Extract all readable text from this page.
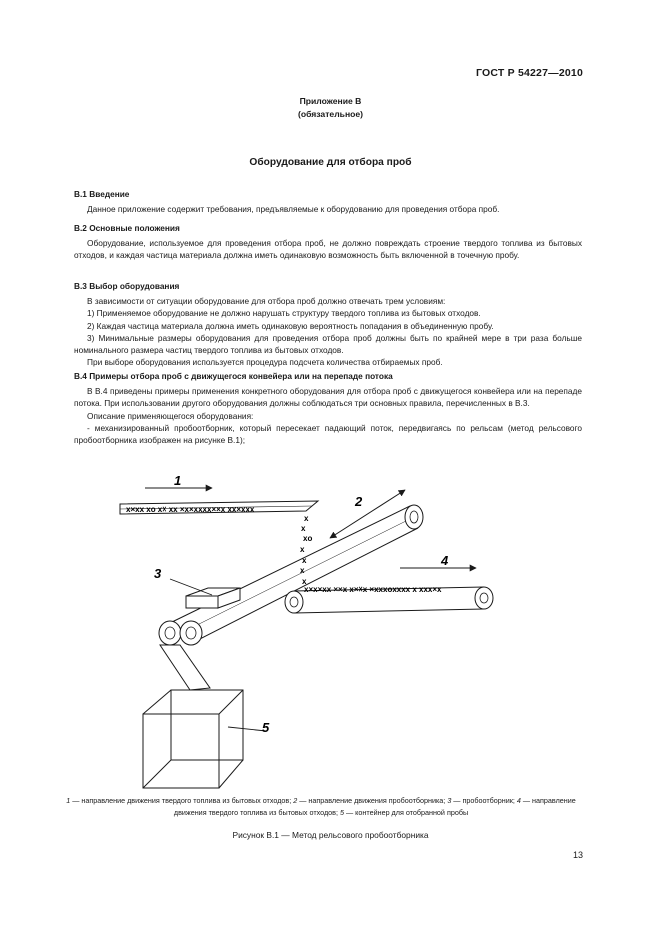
ГОСТ Р 54227—2010
Приложение В
(обязательное)
Оборудование для отбора проб
В.1 Введение

Данное приложение содержит требования, предъявляемые к оборудованию для проведения отбора проб.

В.2 Основные положения

Оборудование, используемое для проведения отбора проб, не должно повреждать строение твердого топлива из бытовых отходов, и каждая частица материала должна иметь одинаковую возможность быть включенной в точечную пробу.

В.3 Выбор оборудования

В зависимости от ситуации оборудование для отбора проб должно отвечать трем условиям:

1) Применяемое оборудование не должно нарушать структуру твердого топлива из бытовых отходов.

2) Каждая частица материала должна иметь одинаковую вероятность попадания в объединенную пробу.

3) Минимальные размеры оборудования для проведения отбора проб должны быть по крайней мере в три раза больше номинального размера частиц твердого топлива из бытовых отходов.

При выборе оборудования используется процедура подсчета количества отбираемых проб.

В.4 Примеры отбора проб с движущегося конвейера или на перепаде потока

В В.4 приведены примеры применения конкретного оборудования для отбора проб с движущегося конвейера или на перепаде потока. При использовании другого оборудования должны соблюдаться три основных правила, перечисленных в В.3.

Описание применяющегося оборудования:

- механизированный пробоотборник, который пересекает падающий поток, передвигаясь по рельсам (метод рельсового пробоотборника изображен на рисунке В.1);

1
x×xx xo x☓ xx ×x×xxxx××x xx×xxx
x
x
xo
x
x
x
x
2
3
4
x×x×xx ××x x×☓x ×xxxoxxxx x xxx×x
5
1 — направление движения твердого топлива из бытовых отходов; 2 — направление движения пробоотборника; 3 — пробоотборник; 4 — направление движения твердого топлива из бытовых отходов; 5 — контейнер для отобранной пробы
Рисунок В.1 — Метод рельсового пробоотборника
13
